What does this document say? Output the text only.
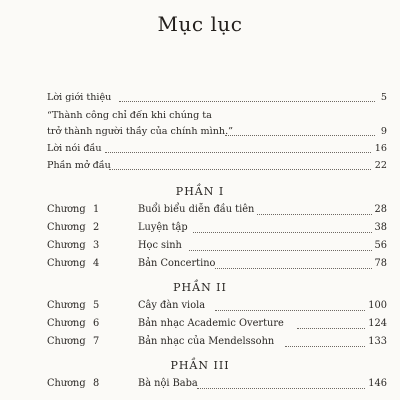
Mục lục
Lời giới thiệu	5
“Thành công chỉ đến khi chúng ta
trở thành người thầy của chính mình.”	9
Lời nói đầu	16
Phần mở đầu	22
PHẦN I
Chương 1	Buổi biểu diễn đầu tiên	28
Chương 2	Luyện tập	38
Chương 3	Học sinh	56
Chương 4	Bản Concertino	78
PHẦN II
Chương 5	Cây đàn viola	100
Chương 6	Bản nhạc Academic Overture	124
Chương 7	Bản nhạc của Mendelssohn	133
PHẦN III
Chương 8	Bà nội Baba	146
